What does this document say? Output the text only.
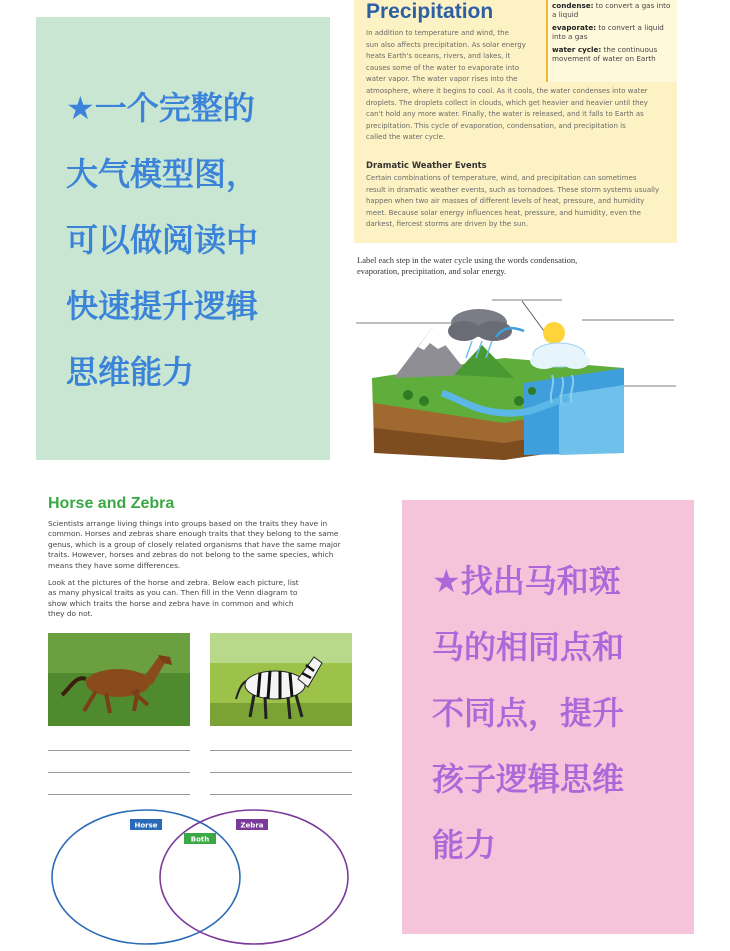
★一个完整的
大气模型图，
可以做阅读中
快速提升逻辑
思维能力
Precipitation	condense: to convert a gas into a liquid

evaporate: to convert a liquid into a gas

water cycle: the continuous movement of water on Earth

In addition to temperature and wind, the
sun also affects precipitation. As solar energy
heats Earth's oceans, rivers, and lakes, it
causes some of the water to evaporate into
water vapor. The water vapor rises into the
atmosphere, where it begins to cool. As it cools, the water condenses into water
droplets. The droplets collect in clouds, which get heavier and heavier until they
can't hold any more water. Finally, the water is released, and it falls to Earth as
precipitation. This cycle of evaporation, condensation, and precipitation is
called the water cycle.
Dramatic Weather Events
Certain combinations of temperature, wind, and precipitation can sometimes
result in dramatic weather events, such as tornadoes. These storm systems usually
happen when two air masses of different levels of heat, pressure, and humidity
meet. Because solar energy influences heat, pressure, and humidity, even the
darkest, fiercest storms are driven by the sun.
Label each step in the water cycle using the words condensation,
evaporation, precipitation, and solar energy.
Horse and Zebra
Scientists arrange living things into groups based on the traits they have in
common. Horses and zebras share enough traits that they belong to the same
genus, which is a group of closely related organisms that have the same major
traits. However, horses and zebras do not belong to the same species, which
means they have some differences.
Look at the pictures of the horse and zebra. Below each picture, list
as many physical traits as you can. Then fill in the Venn diagram to
show which traits the horse and zebra have in common and which
they do not.
Horse
Both
Zebra
★找出马和斑
马的相同点和
不同点，提升
孩子逻辑思维
能力
